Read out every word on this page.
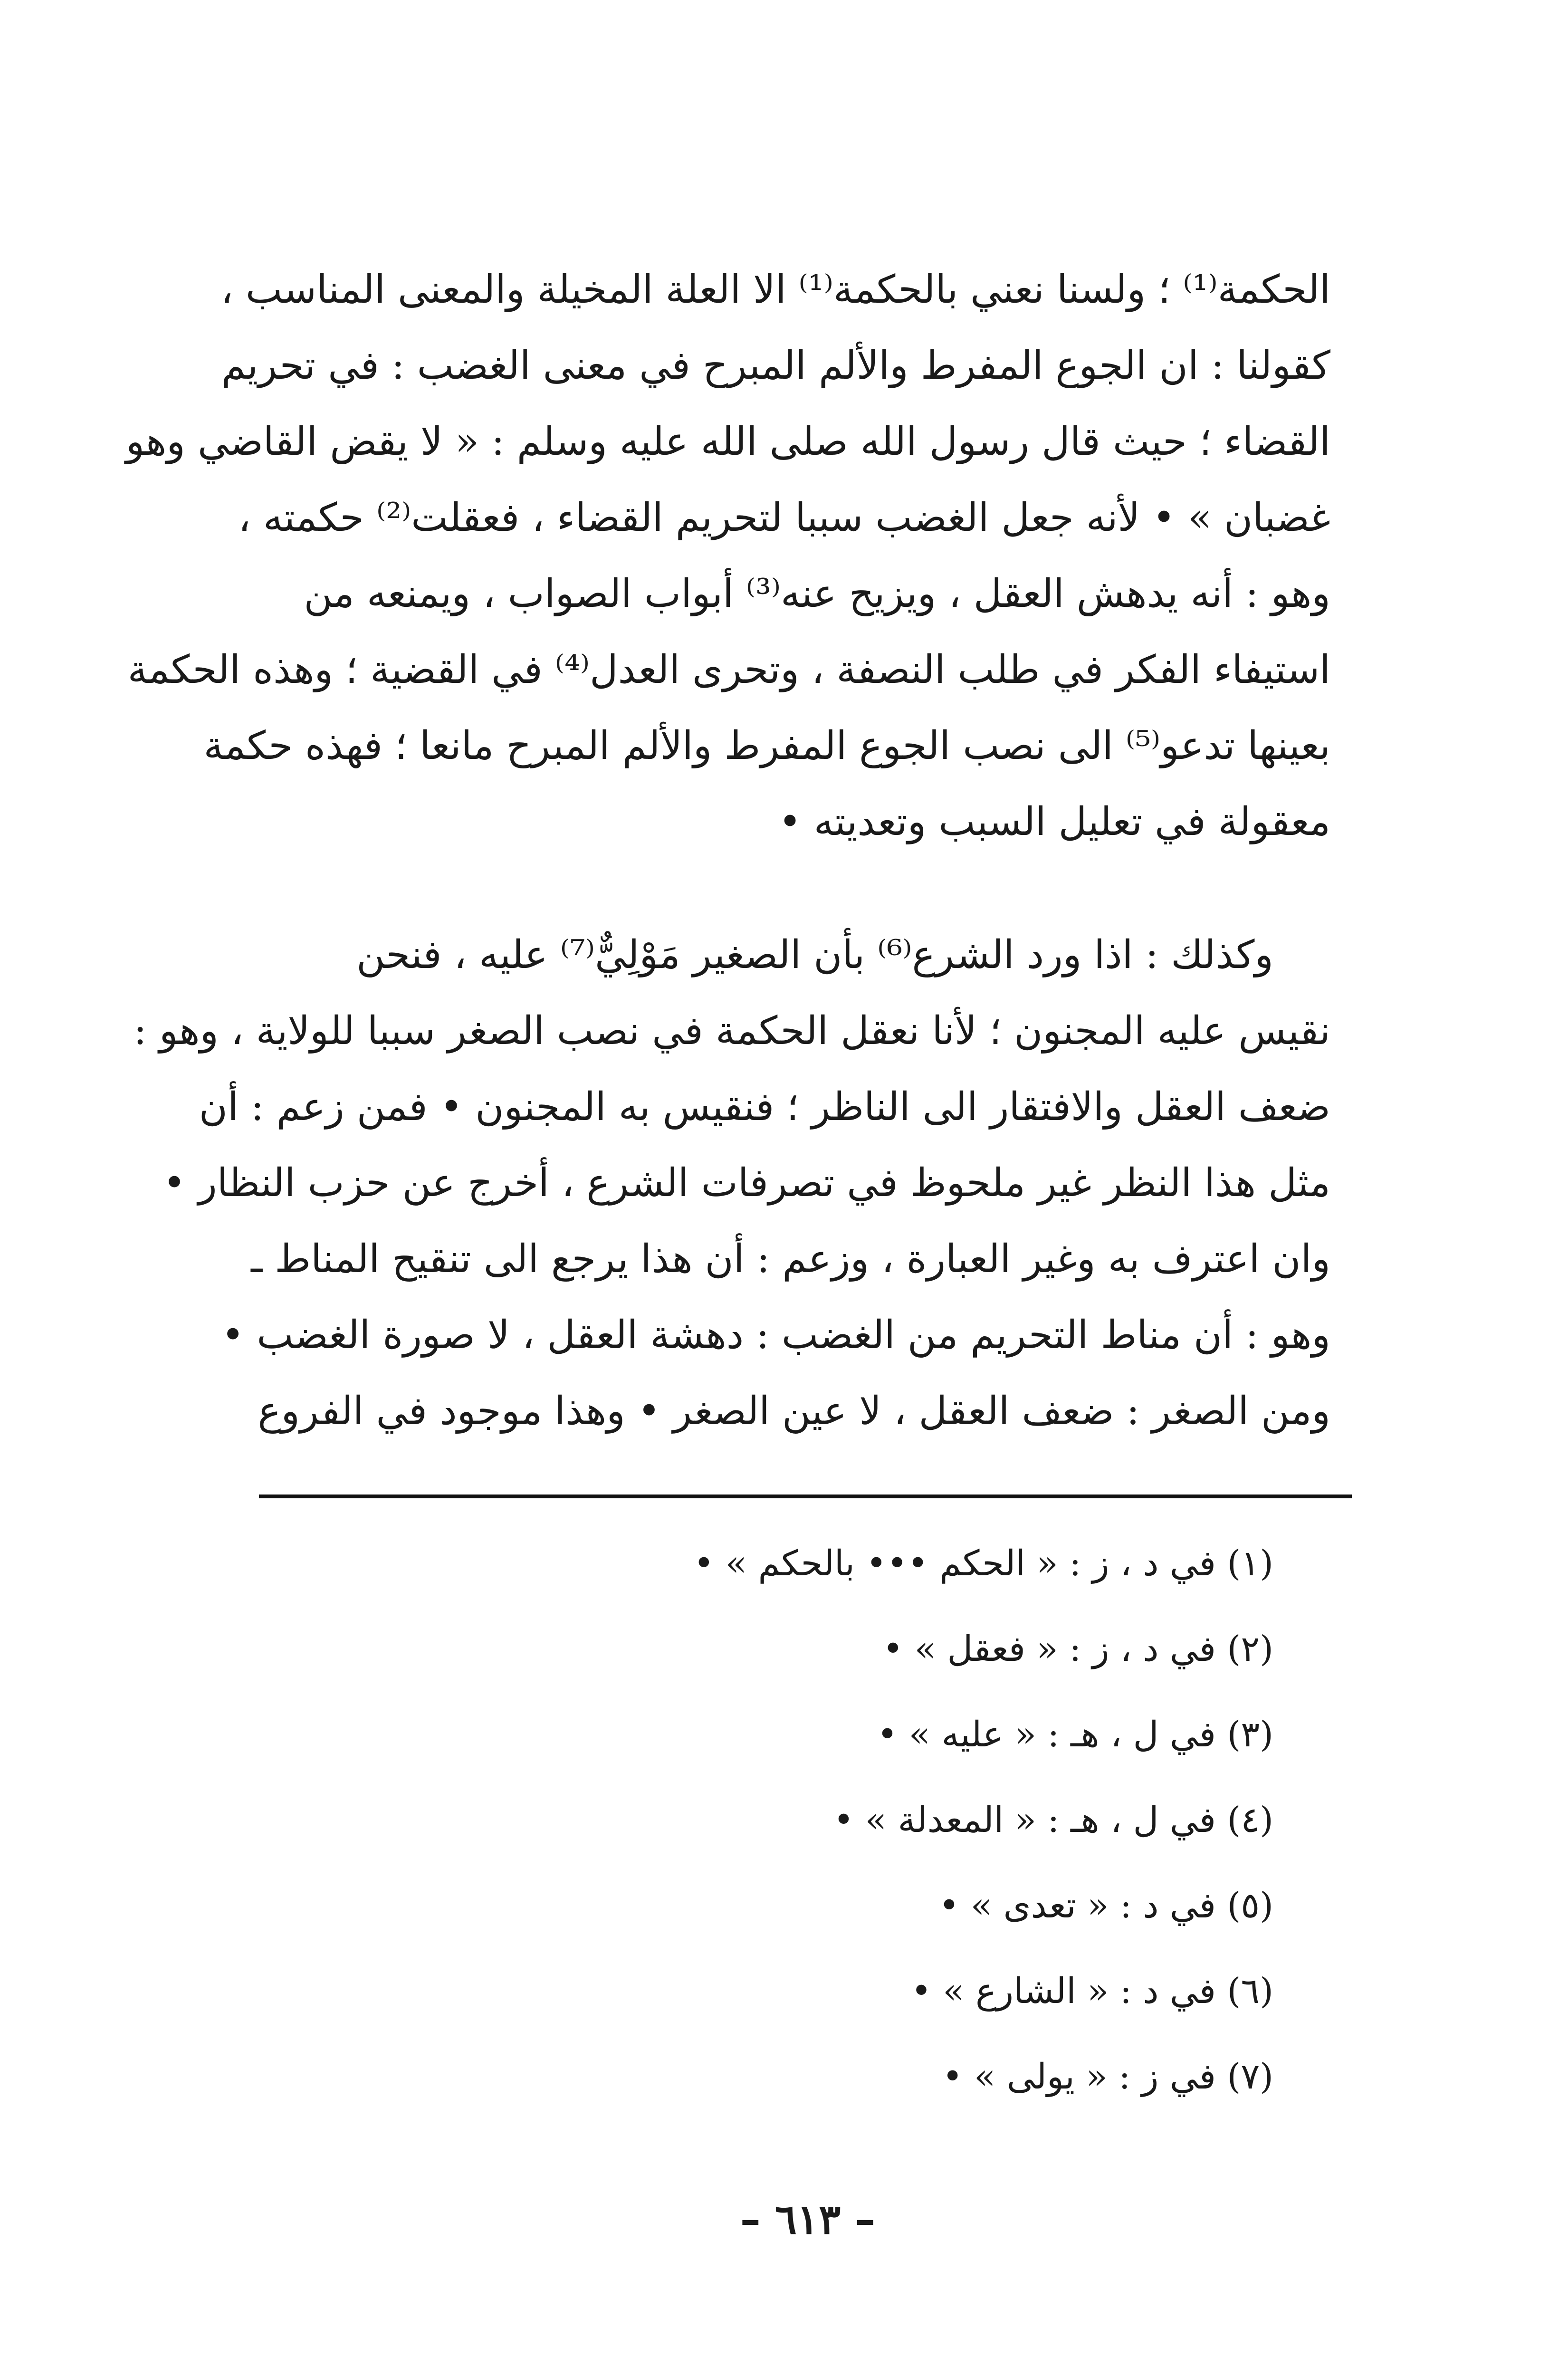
الحكمة⁽¹⁾ ؛ ولسنا نعني بالحكمة⁽¹⁾ الا العلة المخيلة والمعنى المناسب ،
كقولنا : ان الجوع المفرط والألم المبرح في معنى الغضب : في تحريم
القضاء ؛ حيث قال رسول الله صلى الله عليه وسلم : « لا يقض القاضي وهو
غضبان » • لأنه جعل الغضب سببا لتحريم القضاء ، فعقلت⁽²⁾ حكمته ،
وهو : أنه يدهش العقل ، ويزيح عنه⁽³⁾ أبواب الصواب ، ويمنعه من
استيفاء الفكر في طلب النصفة ، وتحرى العدل⁽⁴⁾ في القضية ؛ وهذه الحكمة
بعينها تدعو⁽⁵⁾ الى نصب الجوع المفرط والألم المبرح مانعا ؛ فهذه حكمة
معقولة في تعليل السبب وتعديته •
وكذلك : اذا ورد الشرع⁽⁶⁾ بأن الصغير مَوْلِيٌّ⁽⁷⁾ عليه ، فنحن
نقيس عليه المجنون ؛ لأنا نعقل الحكمة في نصب الصغر سببا للولاية ، وهو :
ضعف العقل والافتقار الى الناظر ؛ فنقيس به المجنون • فمن زعم : أن
مثل هذا النظر غير ملحوظ في تصرفات الشرع ، أخرج عن حزب النظار •
وان اعترف به وغير العبارة ، وزعم : أن هذا يرجع الى تنقيح المناط ـ
وهو : أن مناط التحريم من الغضب : دهشة العقل ، لا صورة الغضب •
ومن الصغر : ضعف العقل ، لا عين الصغر • وهذا موجود في الفروع
(١) في د ، ز : « الحكم ••• بالحكم » •
(٢) في د ، ز : « فعقل » •
(٣) في ل ، هـ : « عليه » •
(٤) في ل ، هـ : « المعدلة » •
(٥) في د : « تعدى » •
(٦) في د : « الشارع » •
(٧) في ز : « يولى » •
– ٦١٣ –
